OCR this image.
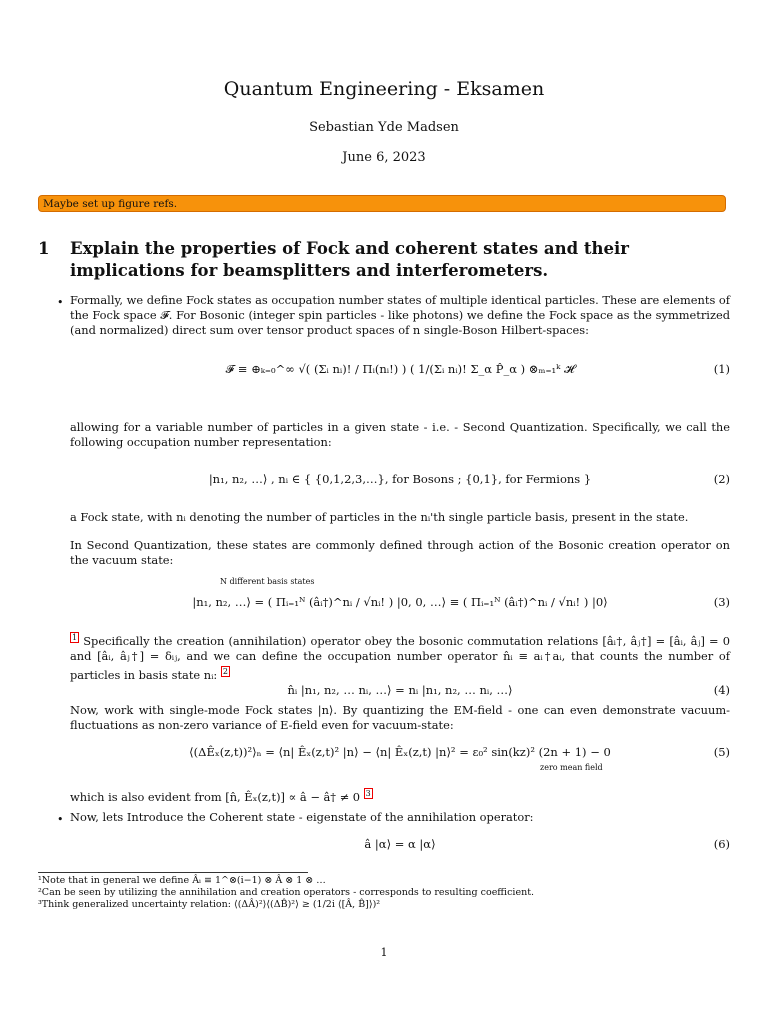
Quantum Engineering - Eksamen
Sebastian Yde Madsen
June 6, 2023
Maybe set up figure refs.
1 Explain the properties of Fock and coherent states and their implications for beamsplitters and interferometers.
• Formally, we define Fock states as occupation number states of multiple identical particles. These are elements of the Fock space 𝓕. For Bosonic (integer spin particles - like photons) we define the Fock space as the symmetrized (and normalized) direct sum over tensor product spaces of n single-Boson Hilbert-spaces:
𝓕 ≡ ⊕ₖ₌₀^∞ √( (Σᵢ nᵢ)! / Πᵢ(nᵢ!) ) ( 1/(Σᵢ nᵢ)! Σ_α P̂_α ) ⊗ₘ₌₁ᵏ 𝓗	(1)
allowing for a variable number of particles in a given state - i.e. - Second Quantization. Specifically, we call the following occupation number representation:
|n₁, n₂, …⟩ , nᵢ ∈ { {0,1,2,3,…}, for Bosons ; {0,1}, for Fermions }	(2)
a Fock state, with nᵢ denoting the number of particles in the nᵢ'th single particle basis, present in the state.
In Second Quantization, these states are commonly defined through action of the Bosonic creation operator on the vacuum state:
N different basis states
|n₁, n₂, …⟩ = ( Πᵢ₌₁ᴺ (âᵢ†)^nᵢ / √nᵢ! ) |0, 0, …⟩ ≡ ( Πᵢ₌₁ᴺ (âᵢ†)^nᵢ / √nᵢ! ) |0⟩	(3)
$^1$ Specifically the creation (annihilation) operator obey the bosonic commutation relations [âᵢ†, âⱼ†] = [âᵢ, âⱼ] = 0 and [âᵢ, âⱼ†] = δᵢⱼ, and we can define the occupation number operator n̂ᵢ ≡ aᵢ†aᵢ, that counts the number of particles in basis state nᵢ: $^2$
n̂ᵢ |n₁, n₂, … nᵢ, …⟩ = nᵢ |n₁, n₂, … nᵢ, …⟩	(4)
Now, work with single-mode Fock states |n⟩. By quantizing the EM-field - one can even demonstrate vacuum-fluctuations as non-zero variance of E-field even for vacuum-state:
⟨(ΔÊₓ(z,t))²⟩ₙ = ⟨n| Êₓ(z,t)² |n⟩ − ⟨n| Êₓ(z,t) |n⟩² = ε₀² sin(kz)² (2n + 1) − 0
zero mean field
(5)
which is also evident from [n̂, Êₓ(z,t)] ∝ â − â† ≠ 0 $^3$
• Now, lets Introduce the Coherent state - eigenstate of the annihilation operator:
â |α⟩ = α |α⟩	(6)
¹Note that in general we define Âᵢ ≡ 1^⊗(i−1) ⊗ Â ⊗ 1 ⊗ …
²Can be seen by utilizing the annihilation and creation operators - corresponds to resulting coefficient.
³Think generalized uncertainty relation: ⟨(ΔÂ)²⟩⟨(ΔB̂)²⟩ ≥ (1/2i ⟨[Â, B̂]⟩)²
1
